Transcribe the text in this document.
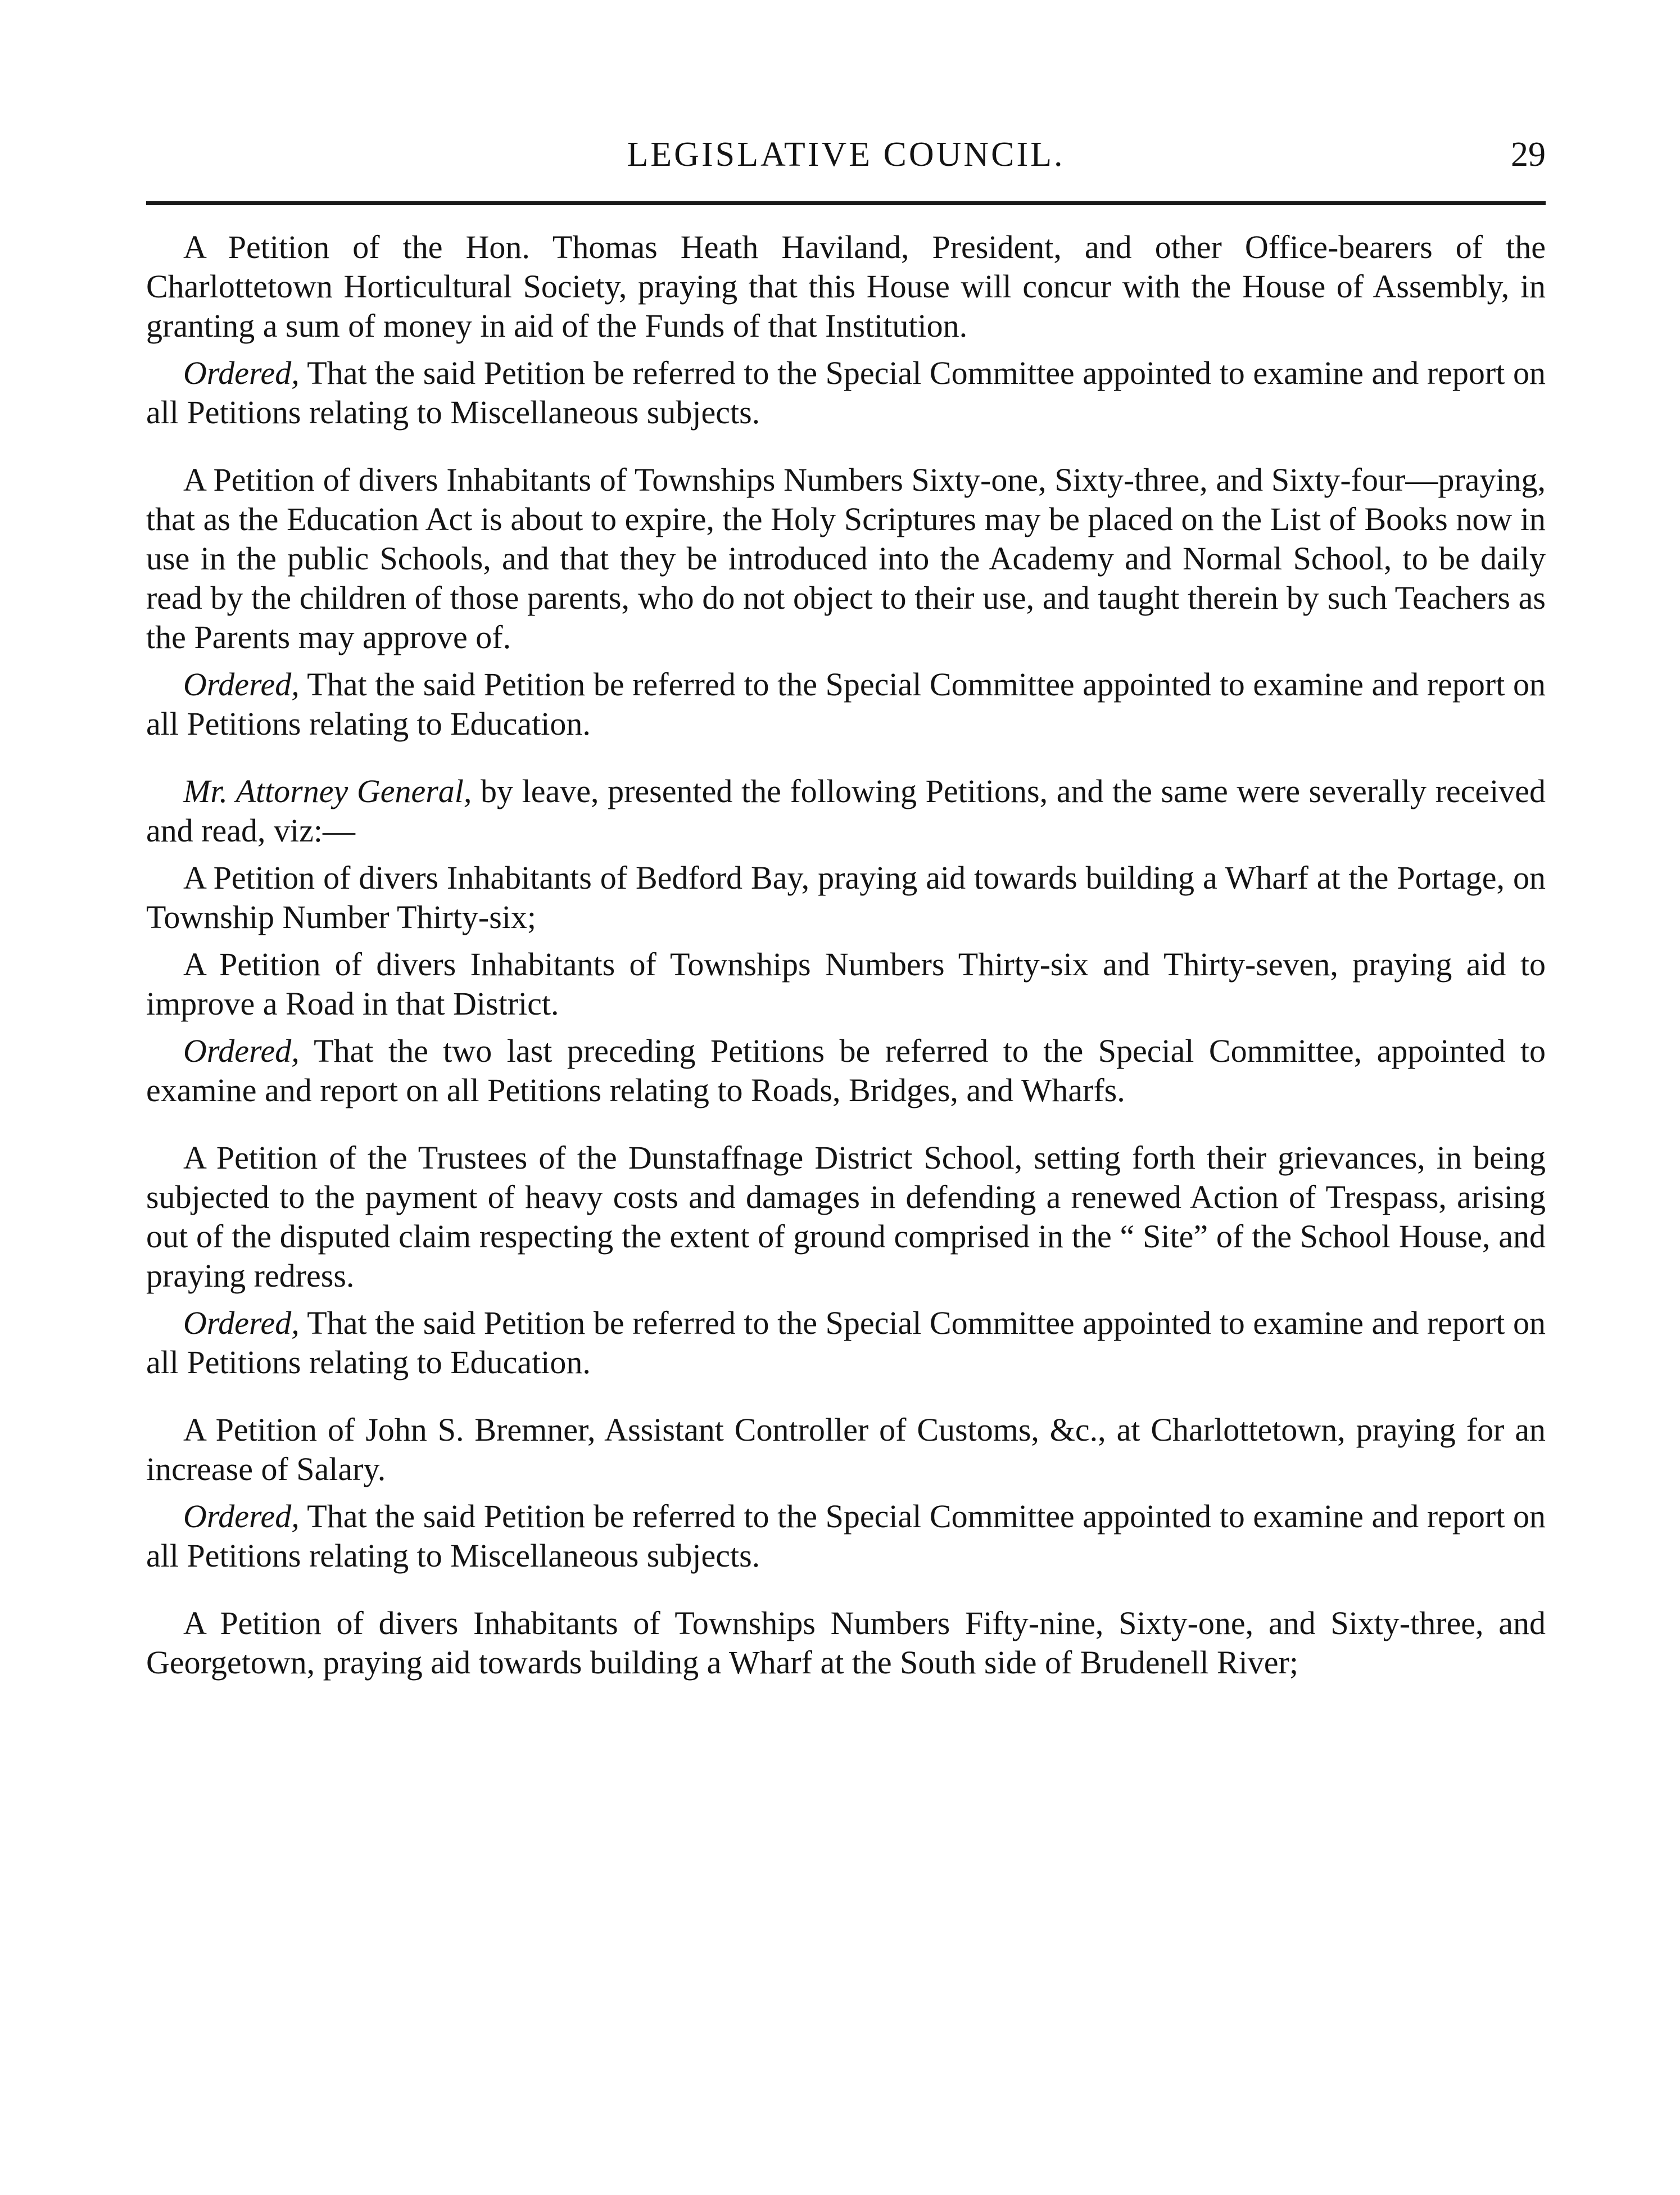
LEGISLATIVE COUNCIL.	29

A Petition of the Hon. Thomas Heath Haviland, President, and other Office-bearers of the Charlottetown Horticultural Society, praying that this House will concur with the House of Assembly, in granting a sum of money in aid of the Funds of that Institution.

Ordered, That the said Petition be referred to the Special Committee appointed to examine and report on all Petitions relating to Miscellaneous subjects.

A Petition of divers Inhabitants of Townships Numbers Sixty-one, Sixty-three, and Sixty-four—praying, that as the Education Act is about to expire, the Holy Scriptures may be placed on the List of Books now in use in the public Schools, and that they be introduced into the Academy and Normal School, to be daily read by the children of those parents, who do not object to their use, and taught therein by such Teachers as the Parents may approve of.

Ordered, That the said Petition be referred to the Special Committee appointed to examine and report on all Petitions relating to Education.

Mr. Attorney General, by leave, presented the following Petitions, and the same were severally received and read, viz:—

A Petition of divers Inhabitants of Bedford Bay, praying aid towards building a Wharf at the Portage, on Township Number Thirty-six;

A Petition of divers Inhabitants of Townships Numbers Thirty-six and Thirty-seven, praying aid to improve a Road in that District.

Ordered, That the two last preceding Petitions be referred to the Special Committee, appointed to examine and report on all Petitions relating to Roads, Bridges, and Wharfs.

A Petition of the Trustees of the Dunstaffnage District School, setting forth their grievances, in being subjected to the payment of heavy costs and damages in defending a renewed Action of Trespass, arising out of the disputed claim respecting the extent of ground comprised in the “ Site” of the School House, and praying redress.

Ordered, That the said Petition be referred to the Special Committee appointed to examine and report on all Petitions relating to Education.

A Petition of John S. Bremner, Assistant Controller of Customs, &c., at Charlottetown, praying for an increase of Salary.

Ordered, That the said Petition be referred to the Special Committee appointed to examine and report on all Petitions relating to Miscellaneous subjects.

A Petition of divers Inhabitants of Townships Numbers Fifty-nine, Sixty-one, and Sixty-three, and Georgetown, praying aid towards building a Wharf at the South side of Brudenell River;
